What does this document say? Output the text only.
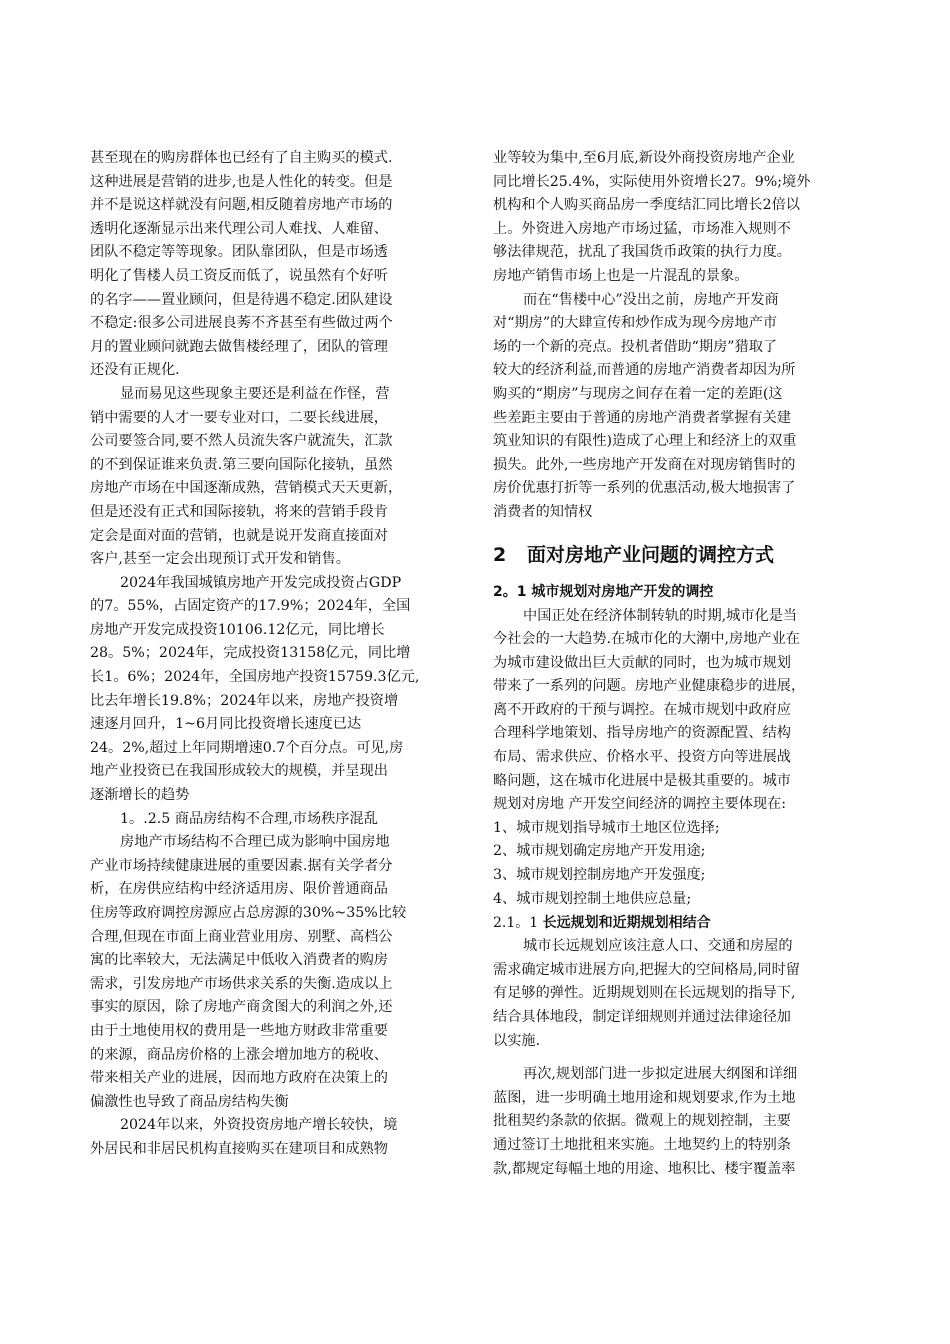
甚至现在的购房群体也已经有了自主购买的模式.
这种进展是营销的进步,也是人性化的转变。但是
并不是说这样就没有问题,相反随着房地产市场的
透明化逐渐显示出来代理公司人难找、人难留、
团队不稳定等等现象。团队靠团队，但是市场透
明化了售楼人员工资反而低了，说虽然有个好听
的名字——置业顾问，但是待遇不稳定.团队建设
不稳定:很多公司进展良莠不齐甚至有些做过两个
月的置业顾问就跑去做售楼经理了，团队的管理
还没有正规化.
显而易见这些现象主要还是利益在作怪，营
销中需要的人才一要专业对口，二要长线进展，
公司要签合同,要不然人员流失客户就流失，汇款
的不到保证谁来负责.第三要向国际化接轨，虽然
房地产市场在中国逐渐成熟，营销模式天天更新，
但是还没有正式和国际接轨，将来的营销手段肯
定会是面对面的营销，也就是说开发商直接面对
客户,甚至一定会出现预订式开发和销售。
2024年我国城镇房地产开发完成投资占GDP
的7。55%，占固定资产的17.9%；2024年，全国
房地产开发完成投资10106.12亿元，同比增长
28。5%；2024年，完成投资13158亿元，同比增
长1。6%；2024年，全国房地产投资15759.3亿元,
比去年增长19.8%；2024年以来，房地产投资增
速逐月回升，1~6月同比投资增长速度已达
24。2%,超过上年同期增速0.7个百分点。可见,房
地产业投资已在我国形成较大的规模，并呈现出
逐渐增长的趋势
1。.2.5 商品房结构不合理,市场秩序混乱
房地产市场结构不合理已成为影响中国房地
产业市场持续健康进展的重要因素.据有关学者分
析，在房供应结构中经济适用房、限价普通商品
住房等政府调控房源应占总房源的30%~35%比较
合理,但现在市面上商业营业用房、别墅、高档公
寓的比率较大，无法满足中低收入消费者的购房
需求，引发房地产市场供求关系的失衡.造成以上
事实的原因，除了房地产商贪图大的利润之外,还
由于土地使用权的费用是一些地方财政非常重要
的来源，商品房价格的上涨会增加地方的税收、
带来相关产业的进展，因而地方政府在决策上的
偏激性也导致了商品房结构失衡
2024年以来，外资投资房地产增长较快，境
外居民和非居民机构直接购买在建项目和成熟物
业等较为集中,至6月底,新设外商投资房地产企业
同比增长25.4%，实际使用外资增长27。9%;境外
机构和个人购买商品房一季度结汇同比增长2倍以
上。外资进入房地产市场过猛，市场准入规则不
够法律规范，扰乱了我国货币政策的执行力度。
房地产销售市场上也是一片混乱的景象。
而在“售楼中心”没出之前，房地产开发商
对“期房”的大肆宣传和炒作成为现今房地产市
场的一个新的亮点。投机者借助“期房”猎取了
较大的经济利益,而普通的房地产消费者却因为所
购买的“期房”与现房之间存在着一定的差距(这
些差距主要由于普通的房地产消费者掌握有关建
筑业知识的有限性)造成了心理上和经济上的双重
损失。此外,一些房地产开发商在对现房销售时的
房价优惠打折等一系列的优惠活动,极大地损害了
消费者的知情权
2 面对房地产业问题的调控方式
2。1 城市规划对房地产开发的调控
中国正处在经济体制转轨的时期,城市化是当
今社会的一大趋势.在城市化的大潮中,房地产业在
为城市建设做出巨大贡献的同时，也为城市规划
带来了一系列的问题。房地产业健康稳步的进展，
离不开政府的干预与调控。在城市规划中政府应
合理科学地策划、指导房地产的资源配置、结构
布局、需求供应、价格水平、投资方向等进展战
略问题，这在城市化进展中是极其重要的。城市
规划对房地 产开发空间经济的调控主要体现在:
1、城市规划指导城市土地区位选择;
2、城市规划确定房地产开发用途;
3、城市规划控制房地产开发强度;
4、城市规划控制土地供应总量;
2.1。1 长远规划和近期规划相结合
城市长远规划应该注意人口、交通和房屋的
需求确定城市进展方向,把握大的空间格局,同时留
有足够的弹性。近期规划则在长远规划的指导下,
结合具体地段，制定详细规则并通过法律途径加
以实施.
再次,规划部门进一步拟定进展大纲图和详细
蓝图，进一步明确土地用途和规划要求,作为土地
批租契约条款的依据。微观上的规划控制，主要
通过签订土地批租来实施。土地契约上的特别条
款,都规定每幅土地的用途、地积比、楼宇覆盖率
